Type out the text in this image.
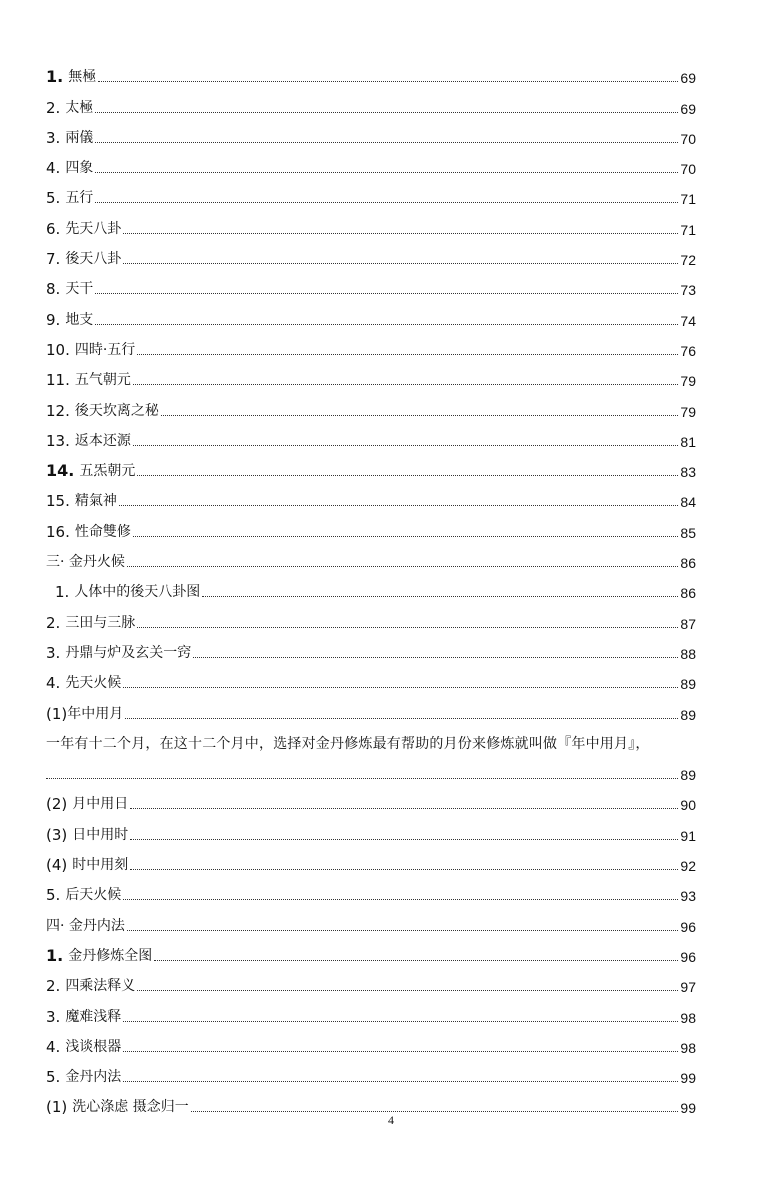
1. 無極	69
2. 太極	69
3. 兩儀	70
4. 四象	70
5. 五行	71
6. 先天八卦	71
7. 後天八卦	72
8. 天干	73
9. 地支	74
10. 四時·五行	76
11. 五气朝元	79
12. 後天坎离之秘	79
13. 返本还源	81
14. 五炁朝元	83
15. 精氣神	84
16. 性命雙修	85
三· 金丹火候	86
1. 人体中的後天八卦图	86
2. 三田与三脉	87
3. 丹鼎与炉及玄关一窍	88
4. 先天火候	89
(1) 年中用月	89
一年有十二个月，在这十二个月中，选择对金丹修炼最有帮助的月份来修炼就叫做『年中用月』，
89
(2) 月中用日	90
(3) 日中用时	91
(4) 时中用刻	92
5. 后天火候	93
四· 金丹内法	96
1. 金丹修炼全图	96
2. 四乘法释义	97
3. 魔难浅释	98
4. 浅谈根器	98
5. 金丹内法	99
(1) 洗心涤虑 摄念归一	99
4
